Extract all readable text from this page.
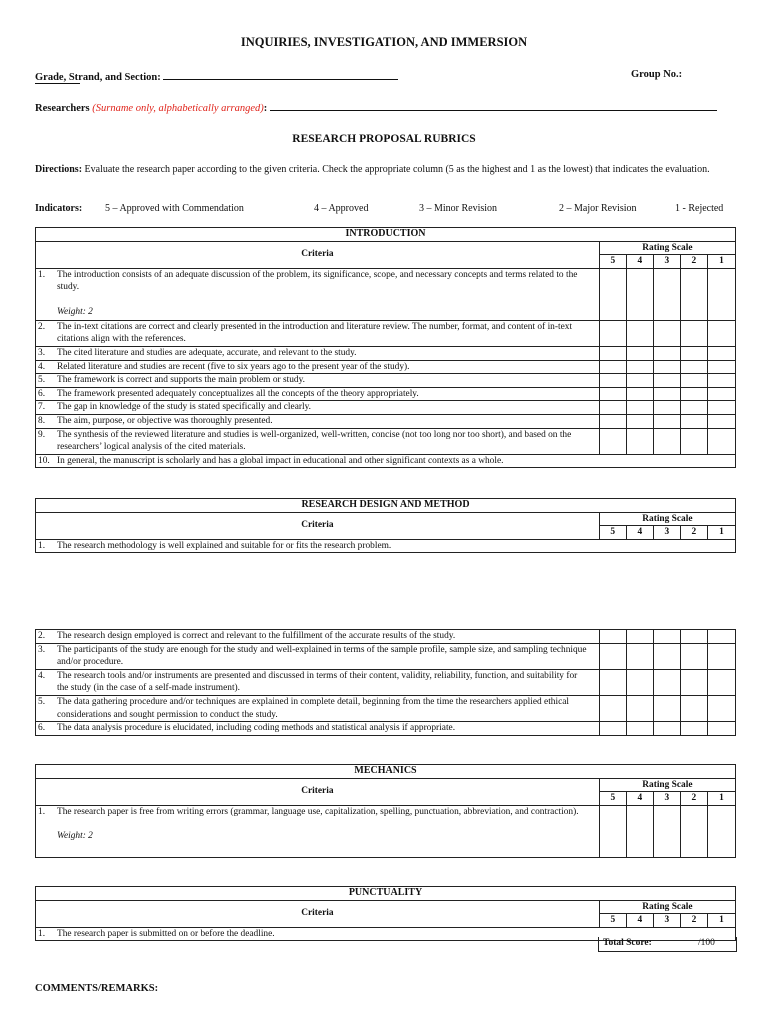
INQUIRIES, INVESTIGATION, AND IMMERSION
Grade, Strand, and Section:	Group No.:
Researchers (Surname only, alphabetically arranged):
RESEARCH PROPOSAL RUBRICS
Directions: Evaluate the research paper according to the given criteria. Check the appropriate column (5 as the highest and 1 as the lowest) that indicates the evaluation.
Indicators: 5 – Approved with Commendation	4 – Approved	3 – Minor Revision	2 – Major Revision	1 - Rejected
INTRODUCTION					
Criteria	Rating Scale				
	5	4	3	2	1
1. The introduction consists of an adequate discussion of the problem, its significance, scope, and necessary concepts and terms related to the study.
Weight: 2					

2. The in-text citations are correct and clearly presented in the introduction and literature review. The number, format, and content of in-text citations align with the references.					
3. The cited literature and studies are adequate, accurate, and relevant to the study.					
4. Related literature and studies are recent (five to six years ago to the present year of the study).					
5. The framework is correct and supports the main problem or study.					
6. The framework presented adequately conceptualizes all the concepts of the theory appropriately.					
7. The gap in knowledge of the study is stated specifically and clearly.					
8. The aim, purpose, or objective was thoroughly presented.					
9. The synthesis of the reviewed literature and studies is well-organized, well-written, concise (not too long nor too short), and based on the researchers’ logical analysis of the cited materials.					
10. In general, the manuscript is scholarly and has a global impact in educational and other significant contexts as a whole.					
RESEARCH DESIGN AND METHOD					
Criteria	Rating Scale				
	5	4	3	2	1
1. The research methodology is well explained and suitable for or fits the research problem.					
2. The research design employed is correct and relevant to the fulfillment of the accurate results of the study.					
3. The participants of the study are enough for the study and well-explained in terms of the sample profile, sample size, and sampling technique and/or procedure.					
4. The research tools and/or instruments are presented and discussed in terms of their content, validity, reliability, function, and suitability for the study (in the case of a self-made instrument).					
5. The data gathering procedure and/or techniques are explained in complete detail, beginning from the time the researchers applied ethical considerations and sought permission to conduct the study.					
6. The data analysis procedure is elucidated, including coding methods and statistical analysis if appropriate.					
MECHANICS					
Criteria	Rating Scale				
	5	4	3	2	1
1. The research paper is free from writing errors (grammar, language use, capitalization, spelling, punctuation, abbreviation, and contraction).
Weight: 2					

PUNCTUALITY					
Criteria	Rating Scale				
	5	4	3	2	1
1. The research paper is submitted on or before the deadline.					
Total Score:	/100
COMMENTS/REMARKS:
